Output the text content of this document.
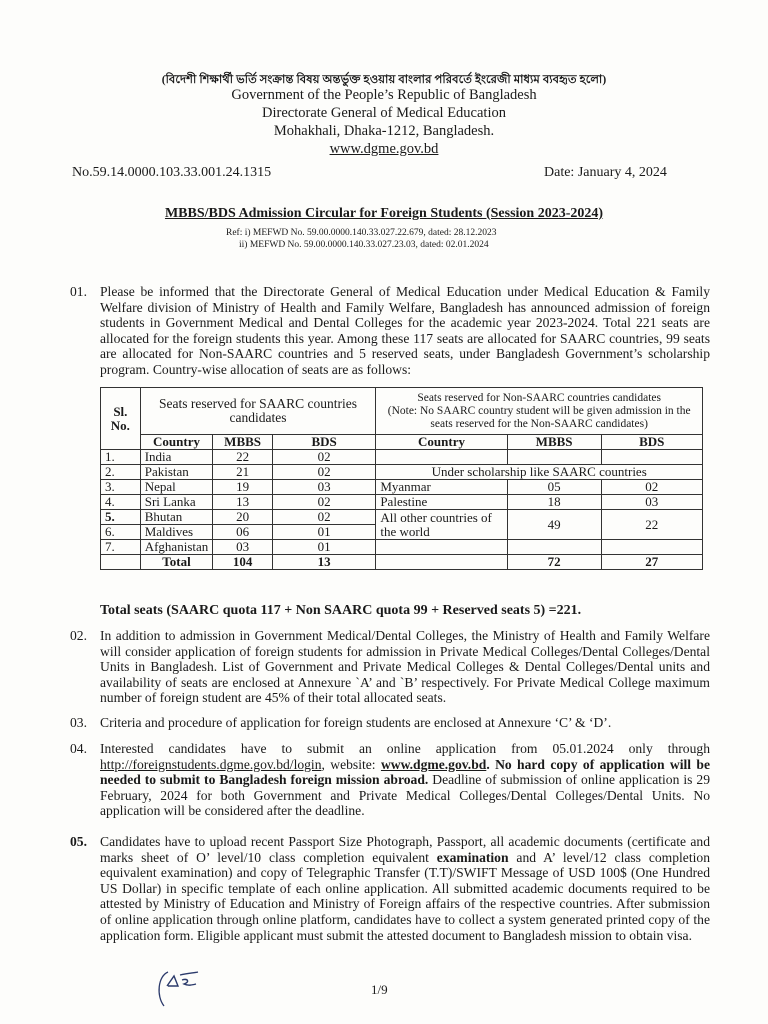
(বিদেশী শিক্ষার্থী ভর্তি সংক্রান্ত বিষয় অন্তর্ভুক্ত হওয়ায় বাংলার পরিবর্তে ইংরেজী মাধ্যম ব্যবহৃত হলো)
Government of the People’s Republic of Bangladesh
Directorate General of Medical Education
Mohakhali, Dhaka-1212, Bangladesh.
www.dgme.gov.bd
No.59.14.0000.103.33.001.24.1315	Date: January 4, 2024
MBBS/BDS Admission Circular for Foreign Students (Session 2023-2024)
Ref: i) MEFWD No. 59.00.0000.140.33.027.22.679, dated: 28.12.2023
ii) MEFWD No. 59.00.0000.140.33.027.23.03, dated: 02.01.2024
01. Please be informed that the Directorate General of Medical Education under Medical Education & Family Welfare division of Ministry of Health and Family Welfare, Bangladesh has announced admission of foreign students in Government Medical and Dental Colleges for the academic year 2023-2024. Total 221 seats are allocated for the foreign students this year. Among these 117 seats are allocated for SAARC countries, 99 seats are allocated for Non-SAARC countries and 5 reserved seats, under Bangladesh Government’s scholarship program. Country-wise allocation of seats are as follows:
Sl. No.	Seats reserved for SAARC countries candidates			Seats reserved for Non-SAARC countries candidates
(Note: No SAARC country student will be given admission in the seats reserved for the Non-SAARC candidates)		

	Country	MBBS	BDS	Country	MBBS	BDS
1.	India	22	02			
2.	Pakistan	21	02	Under scholarship like SAARC countries		
3.	Nepal	19	03	Myanmar	05	02
4.	Sri Lanka	13	02	Palestine	18	03
5.	Bhutan	20	02	All other countries of the world	49	22
6.	Maldives	06	01			
7.	Afghanistan	03	01			
	Total	104	13		72	27
Total seats (SAARC quota 117 + Non SAARC quota 99 + Reserved seats 5) =221.
02. In addition to admission in Government Medical/Dental Colleges, the Ministry of Health and Family Welfare will consider application of foreign students for admission in Private Medical Colleges/Dental Colleges/Dental Units in Bangladesh. List of Government and Private Medical Colleges & Dental Colleges/Dental units and availability of seats are enclosed at Annexure `A’ and `B’ respectively. For Private Medical College maximum number of foreign student are 45% of their total allocated seats.
03. Criteria and procedure of application for foreign students are enclosed at Annexure ‘C’ & ‘D’.
04. Interested candidates have to submit an online application from 05.01.2024 only through http://foreignstudents.dgme.gov.bd/login, website: www.dgme.gov.bd. No hard copy of application will be needed to submit to Bangladesh foreign mission abroad. Deadline of submission of online application is 29 February, 2024 for both Government and Private Medical Colleges/Dental Colleges/Dental Units. No application will be considered after the deadline.
05. Candidates have to upload recent Passport Size Photograph, Passport, all academic documents (certificate and marks sheet of O’ level/10 class completion equivalent examination and A’ level/12 class completion equivalent examination) and copy of Telegraphic Transfer (T.T)/SWIFT Message of USD 100$ (One Hundred US Dollar) in specific template of each online application. All submitted academic documents required to be attested by Ministry of Education and Ministry of Foreign affairs of the respective countries. After submission of online application through online platform, candidates have to collect a system generated printed copy of the application form. Eligible applicant must submit the attested document to Bangladesh mission to obtain visa.
1/9
